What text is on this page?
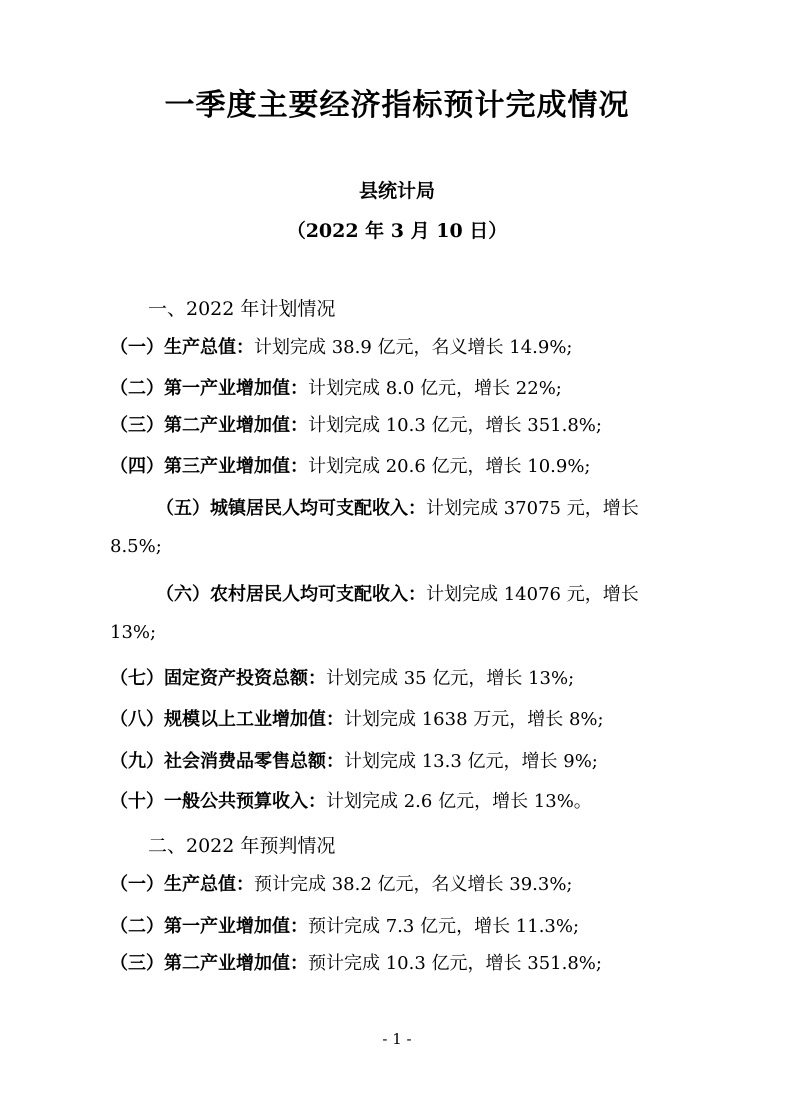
一季度主要经济指标预计完成情况
县统计局
（2022 年 3 月 10 日）
一、2022 年计划情况
（一）生产总值：计划完成 38.9 亿元，名义增长 14.9%;
（二）第一产业增加值：计划完成 8.0 亿元，增长 22%;
（三）第二产业增加值：计划完成 10.3 亿元，增长 351.8%;
（四）第三产业增加值：计划完成 20.6 亿元，增长 10.9%;
（五）城镇居民人均可支配收入：计划完成 37075 元，增长 8.5%;
（六）农村居民人均可支配收入：计划完成 14076 元，增长 13%;
（七）固定资产投资总额：计划完成 35 亿元，增长 13%;
（八）规模以上工业增加值：计划完成 1638 万元，增长 8%;
（九）社会消费品零售总额：计划完成 13.3 亿元，增长 9%;
（十）一般公共预算收入：计划完成 2.6 亿元，增长 13%。
二、2022 年预判情况
（一）生产总值：预计完成 38.2 亿元，名义增长 39.3%;
（二）第一产业增加值：预计完成 7.3 亿元，增长 11.3%;
（三）第二产业增加值：预计完成 10.3 亿元，增长 351.8%;
- 1 -
